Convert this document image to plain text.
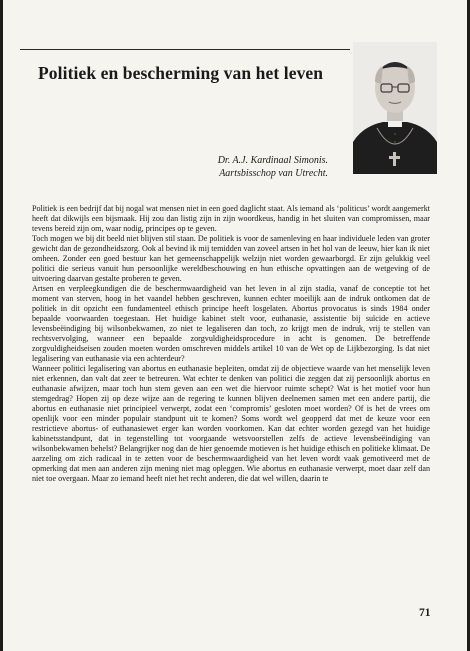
Politiek en bescherming van het leven
Dr. A.J. Kardinaal Simonis.
Aartsbisschop van Utrecht.

Politiek is een bedrijf dat bij nogal wat mensen niet in een goed daglicht staat. Als iemand als ‘politicus’ wordt aangemerkt heeft dat dikwijls een bijsmaak. Hij zou dan listig zijn in zijn woordkeus, handig in het sluiten van compromissen, maar tevens bereid zijn om, waar nodig, principes op te geven.

Toch mogen we bij dit beeld niet blijven stil staan. De politiek is voor de samenleving en haar individuele leden van groter gewicht dan de gezondheidszorg. Ook al bevind ik mij temidden van zoveel artsen in het hol van de leeuw, hier kan ik niet omheen. Zonder een goed bestuur kan het gemeenschappelijk welzijn niet worden gewaarborgd. Er zijn gelukkig veel politici die serieus vanuit hun persoonlijke wereldbeschouwing en hun ethische opvattingen aan de wetgeving of de uitvoering daarvan gestalte proberen te geven.

Artsen en verpleegkundigen die de beschermwaardigheid van het leven in al zijn stadia, vanaf de conceptie tot het moment van sterven, hoog in het vaandel hebben geschreven, kunnen echter moeilijk aan de indruk ontkomen dat de politiek in dit opzicht een fundamenteel ethisch principe heeft losgelaten. Abortus provocatus is sinds 1984 onder bepaalde voorwaarden toegestaan. Het huidige kabinet stelt voor, euthanasie, assistentie bij suïcide en actieve levensbeëindiging bij wilsonbekwamen, zo niet te legaliseren dan toch, zo krijgt men de indruk, vrij te stellen van rechtsvervolging, wanneer een bepaalde zorgvuldigheidsprocedure in acht is genomen. De betreffende zorgvuldigheidseisen zouden moeten worden omschreven middels artikel 10 van de Wet op de Lijkbezorging. Is dat niet legalisering van euthanasie via een achterdeur?

Wanneer politici legalisering van abortus en euthanasie bepleiten, omdat zij de objectieve waarde van het menselijk leven niet erkennen, dan valt dat zeer te betreuren. Wat echter te denken van politici die zeggen dat zij persoonlijk abortus en euthanasie afwijzen, maar toch hun stem geven aan een wet die hiervoor ruimte schept? Wat is het motief voor hun stemgedrag? Hopen zij op deze wijze aan de regering te kunnen blijven deelnemen samen met een andere partij, die abortus en euthanasie niet principieel verwerpt, zodat een ‘compromis’ gesloten moet worden? Of is het de vrees om openlijk voor een minder populair standpunt uit te komen? Soms wordt wel geopperd dat met de keuze voor een restrictieve abortus- of euthanasiewet erger kan worden voorkomen. Kan dat echter worden gezegd van het huidige kabinetsstandpunt, dat in tegenstelling tot voorgaande wetsvoorstellen zelfs de actieve levensbeëindiging van wilsonbekwamen behelst? Belangrijker nog dan de hier genoemde motieven is het huidige ethisch en politieke klimaat. De aarzeling om zich radicaal in te zetten voor de beschermwaardigheid van het leven wordt vaak gemotiveerd met de opmerking dat men aan anderen zijn mening niet mag opleggen. Wie abortus en euthanasie verwerpt, moet daar zelf dan niet toe overgaan. Maar zo iemand heeft niet het recht anderen, die dat wel willen, daarin te

71
